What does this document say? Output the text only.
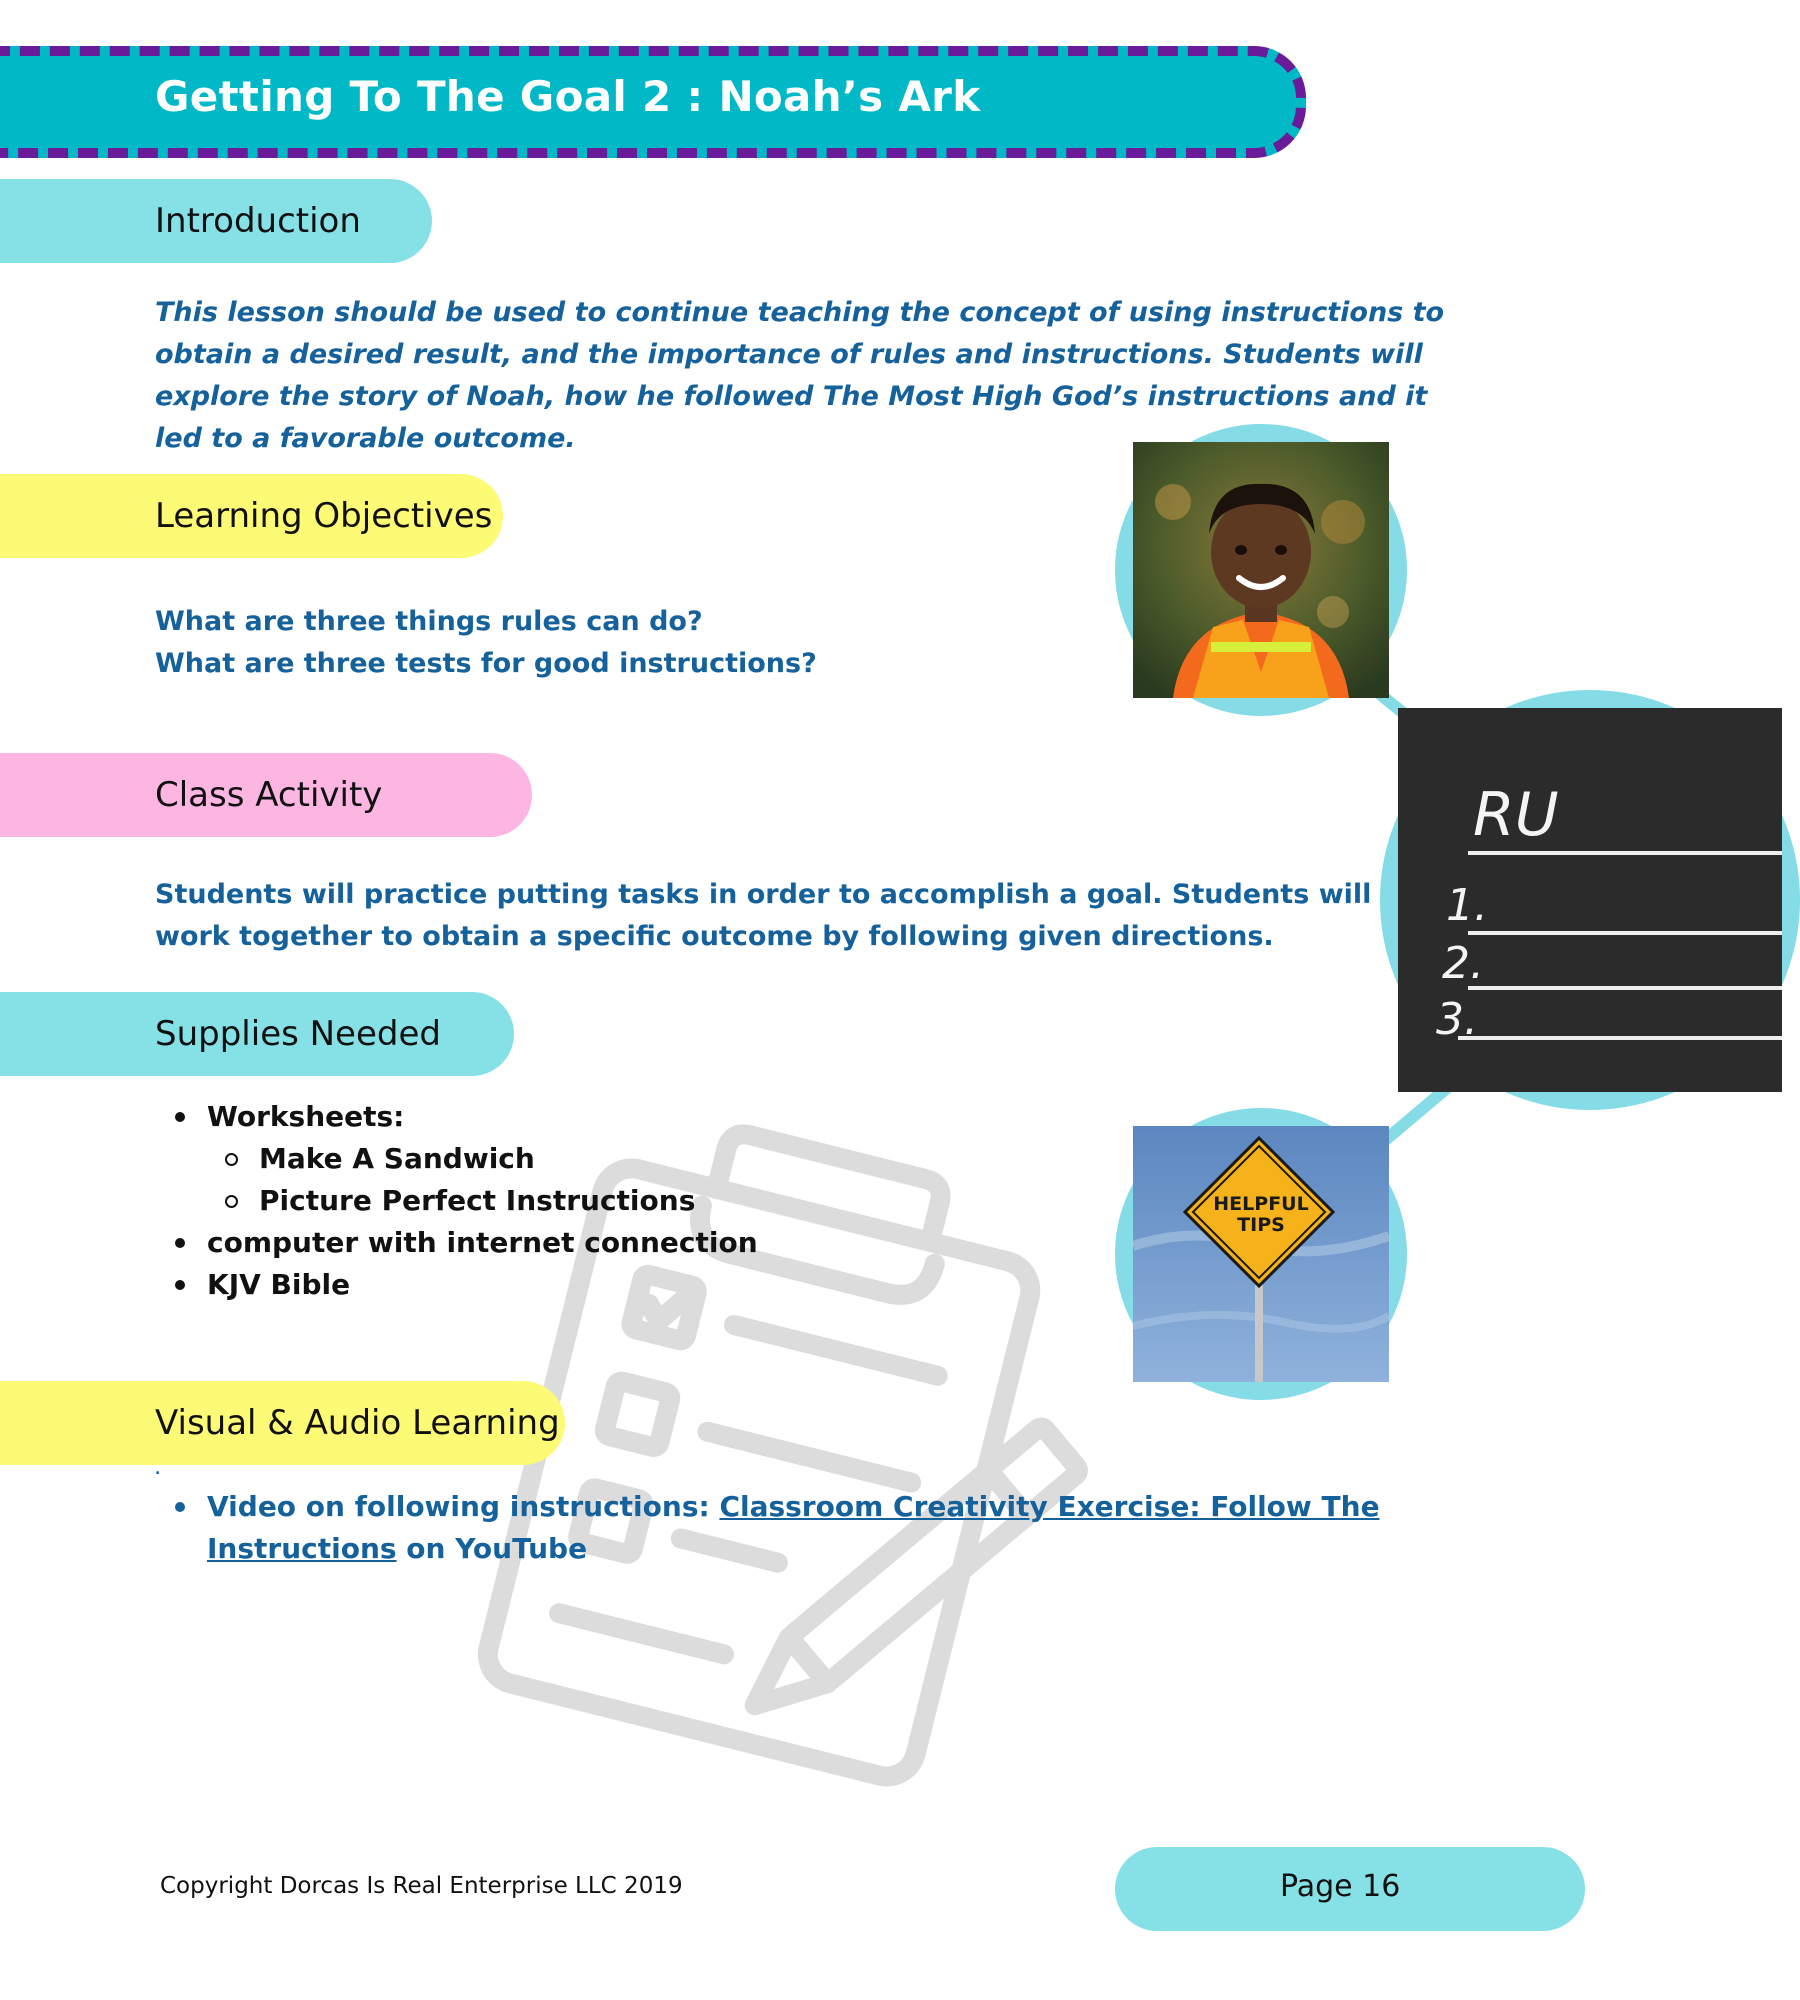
Getting To The Goal 2 : Noah’s Ark
Introduction
This lesson should be used to continue teaching the concept of using instructions to
obtain a desired result, and the importance of rules and instructions. Students will
explore the story of Noah, how he followed The Most High God’s instructions and it
led to a favorable outcome.
Learning Objectives
What are three things rules can do?
What are three tests for good instructions?
Class Activity
Students will practice putting tasks in order to accomplish a goal. Students will
work together to obtain a specific outcome by following given directions.
Supplies Needed
Worksheets:
Make A Sandwich
Picture Perfect Instructions
computer with internet connection
KJV Bible
Visual & Audio Learning
.
Video on following instructions: Classroom Creativity Exercise: Follow The
Instructions on YouTube
RU
1.
2.
3.
HELPFUL
TIPS
Copyright Dorcas Is Real Enterprise LLC 2019	Page 16
